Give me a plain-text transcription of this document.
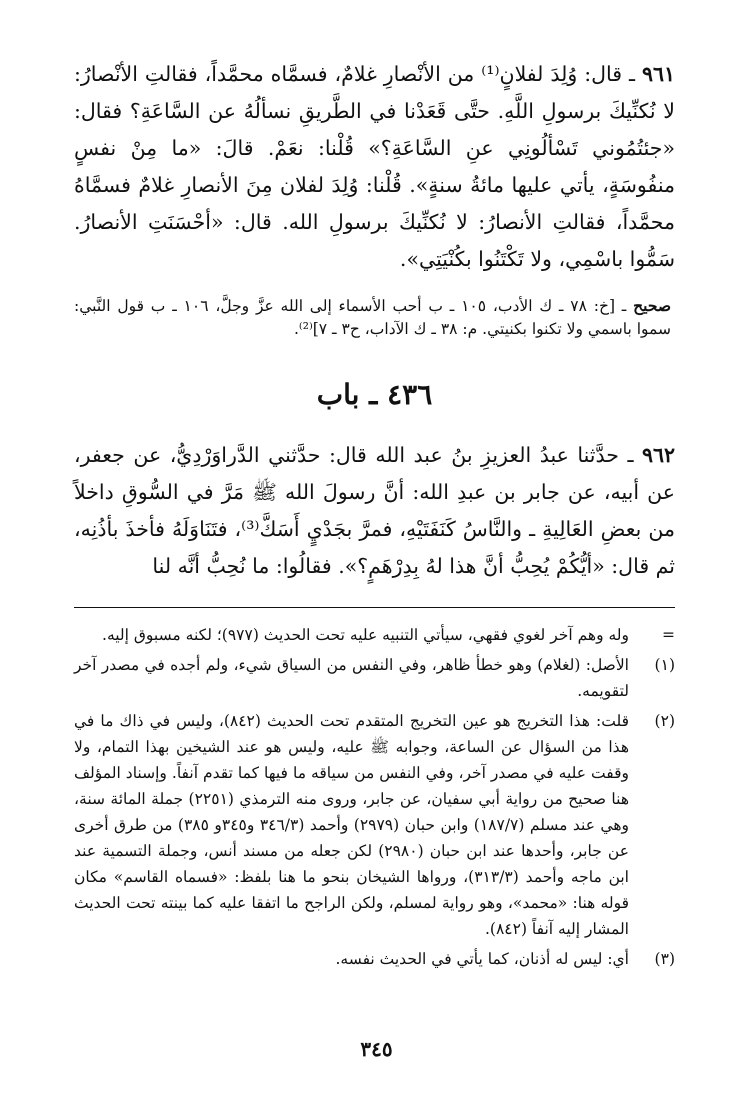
٩٦١ ـ قال: وُلِدَ لفلانٍ⁽¹⁾ من الأنْصارِ غلامٌ، فسمَّاه محمَّداً، فقالتِ الأنْصارُ: لا نُكنِّيكَ برسولِ اللَّهِ. حتَّى قَعَدْنا في الطَّريقِ نسألُهُ عن السَّاعَةِ؟ فقال: «جئتُمُوني تَسْألُونِي عنِ السَّاعَةِ؟» قُلْنا: نعَمْ. قالَ: «ما مِنْ نفسٍ منفُوسَةٍ، يأتي عليها مائةُ سنةٍ». قُلْنا: وُلِدَ لفلان مِنَ الأنصارِ غلامٌ فسمَّاهُ محمَّداً، فقالتِ الأنصارُ: لا نُكنِّيكَ برسولِ الله. قال: «أحْسَنَتِ الأنصارُ. سَمُّوا باسْمِي، ولا تَكْتَنُوا بكُنْيَتِي».

صحيح ـ [خ: ٧٨ ـ ك الأدب، ١٠٥ ـ ب أحب الأسماء إلى الله عزَّ وجلَّ، ١٠٦ ـ ب قول النَّبي: سموا باسمي ولا تكنوا بكنيتي. م: ٣٨ ـ ك الآداب، ح٣ ـ ٧]⁽²⁾.

٤٣٦ ـ باب

٩٦٢ ـ حدَّثنا عبدُ العزيزِ بنُ عبد الله قال: حدَّثني الدَّراوَرْدِيُّ، عن جعفر، عن أبيه، عن جابر بن عبدِ الله: أنَّ رسولَ الله ﷺ مَرَّ في السُّوقِ داخلاً من بعضِ العَالِيةِ ـ والنَّاسُ كَنَفَتَيْهِ، فمرَّ بجَدْيٍ أَسَكَّ⁽³⁾، فتَنَاوَلَهُ فأخذَ بأذُنِه، ثم قال: «أيُّكُمْ يُحِبُّ أنَّ هذا لهُ بِدِرْهَمٍ؟». فقالُوا: ما نُحِبُّ أنَّه لنا

=
وله وهم آخر لغوي فقهي، سيأتي التنبيه عليه تحت الحديث (٩٧٧)؛ لكنه مسبوق إليه.
(١)
الأصل: (لغلام) وهو خطأ ظاهر، وفي النفس من السياق شيء، ولم أجده في مصدر آخر لتقويمه.
(٢)
قلت: هذا التخريج هو عين التخريج المتقدم تحت الحديث (٨٤٢)، وليس في ذاك ما في هذا من السؤال عن الساعة، وجوابه ﷺ عليه، وليس هو عند الشيخين بهذا التمام، ولا وقفت عليه في مصدر آخر، وفي النفس من سياقه ما فيها كما تقدم آنفاً. وإسناد المؤلف هنا صحيح من رواية أبي سفيان، عن جابر، وروى منه الترمذي (٢٢٥١) جملة المائة سنة، وهي عند مسلم (١٨٧/٧) وابن حبان (٢٩٧٩) وأحمد (٣٤٦/٣ و٣٤٥و ٣٨٥) من طرق أخرى عن جابر، وأحدها عند ابن حبان (٢٩٨٠) لكن جعله من مسند أنس، وجملة التسمية عند ابن ماجه وأحمد (٣١٣/٣)، ورواها الشيخان بنحو ما هنا بلفظ: «فسماه القاسم» مكان قوله هنا: «محمد»، وهو رواية لمسلم، ولكن الراجح ما اتفقا عليه كما بينته تحت الحديث المشار إليه آنفاً (٨٤٢).
(٣)
أي: ليس له أذنان، كما يأتي في الحديث نفسه.
٣٤٥
